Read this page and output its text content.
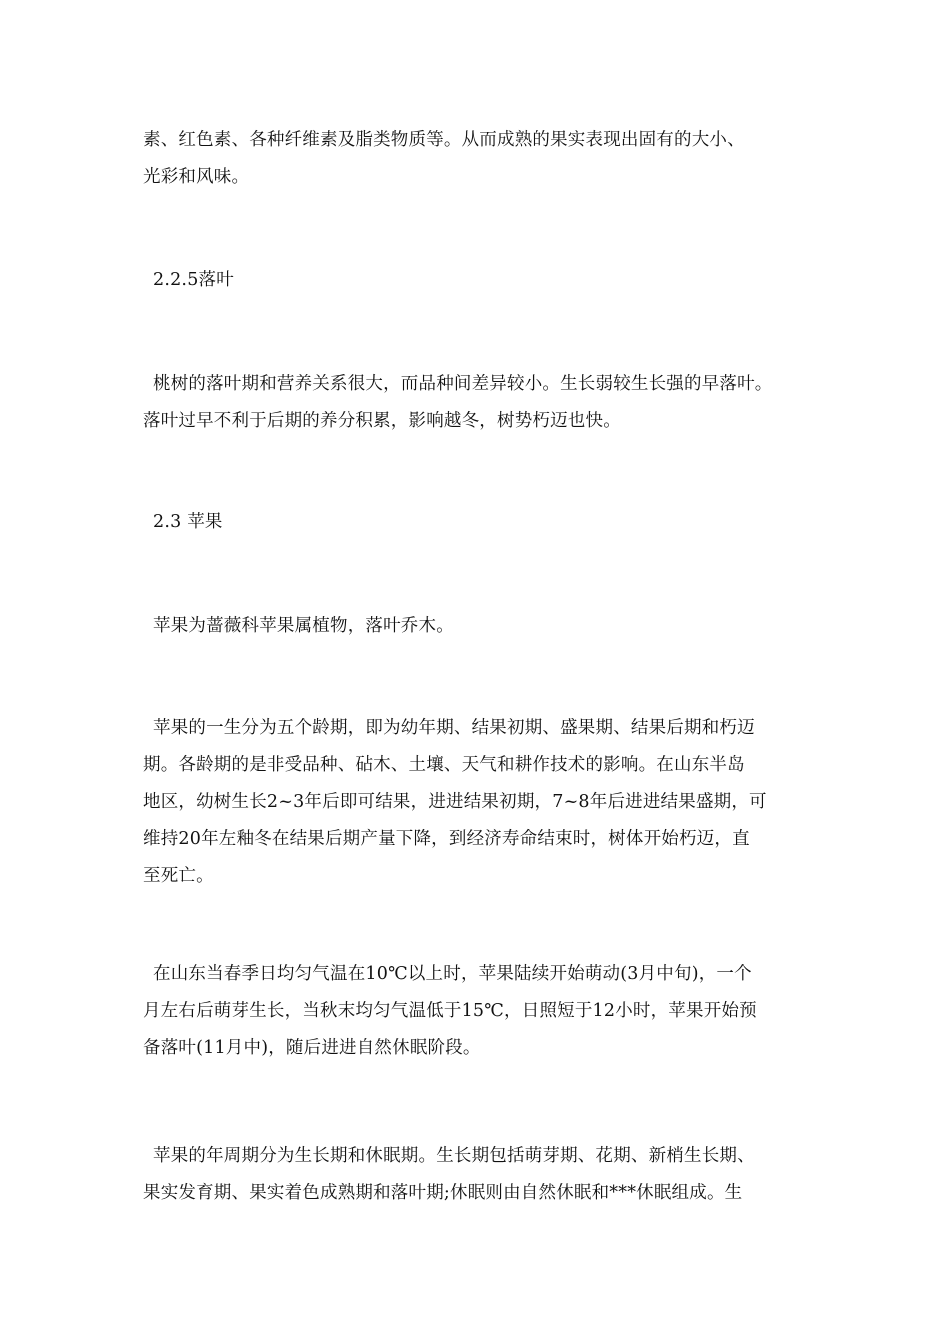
素、红色素、各种纤维素及脂类物质等。从而成熟的果实表现出固有的大小、
光彩和风味。
2.2.5落叶
桃树的落叶期和营养关系很大，而品种间差异较小。生长弱较生长强的早落叶。
落叶过早不利于后期的养分积累，影响越冬，树势朽迈也快。
2.3 苹果
苹果为蔷薇科苹果属植物，落叶乔木。
苹果的一生分为五个龄期，即为幼年期、结果初期、盛果期、结果后期和朽迈
期。各龄期的是非受品种、砧木、土壤、天气和耕作技术的影响。在山东半岛
地区，幼树生长2~3年后即可结果，进进结果初期，7~8年后进进结果盛期，可
维持20年左釉冬在结果后期产量下降，到经济寿命结束时，树体开始朽迈，直
至死亡。
在山东当春季日均匀气温在10℃以上时，苹果陆续开始萌动(3月中旬)，一个
月左右后萌芽生长，当秋末均匀气温低于15℃，日照短于12小时，苹果开始预
备落叶(11月中)，随后进进自然休眠阶段。
苹果的年周期分为生长期和休眠期。生长期包括萌芽期、花期、新梢生长期、
果实发育期、果实着色成熟期和落叶期;休眠则由自然休眠和***休眠组成。生
